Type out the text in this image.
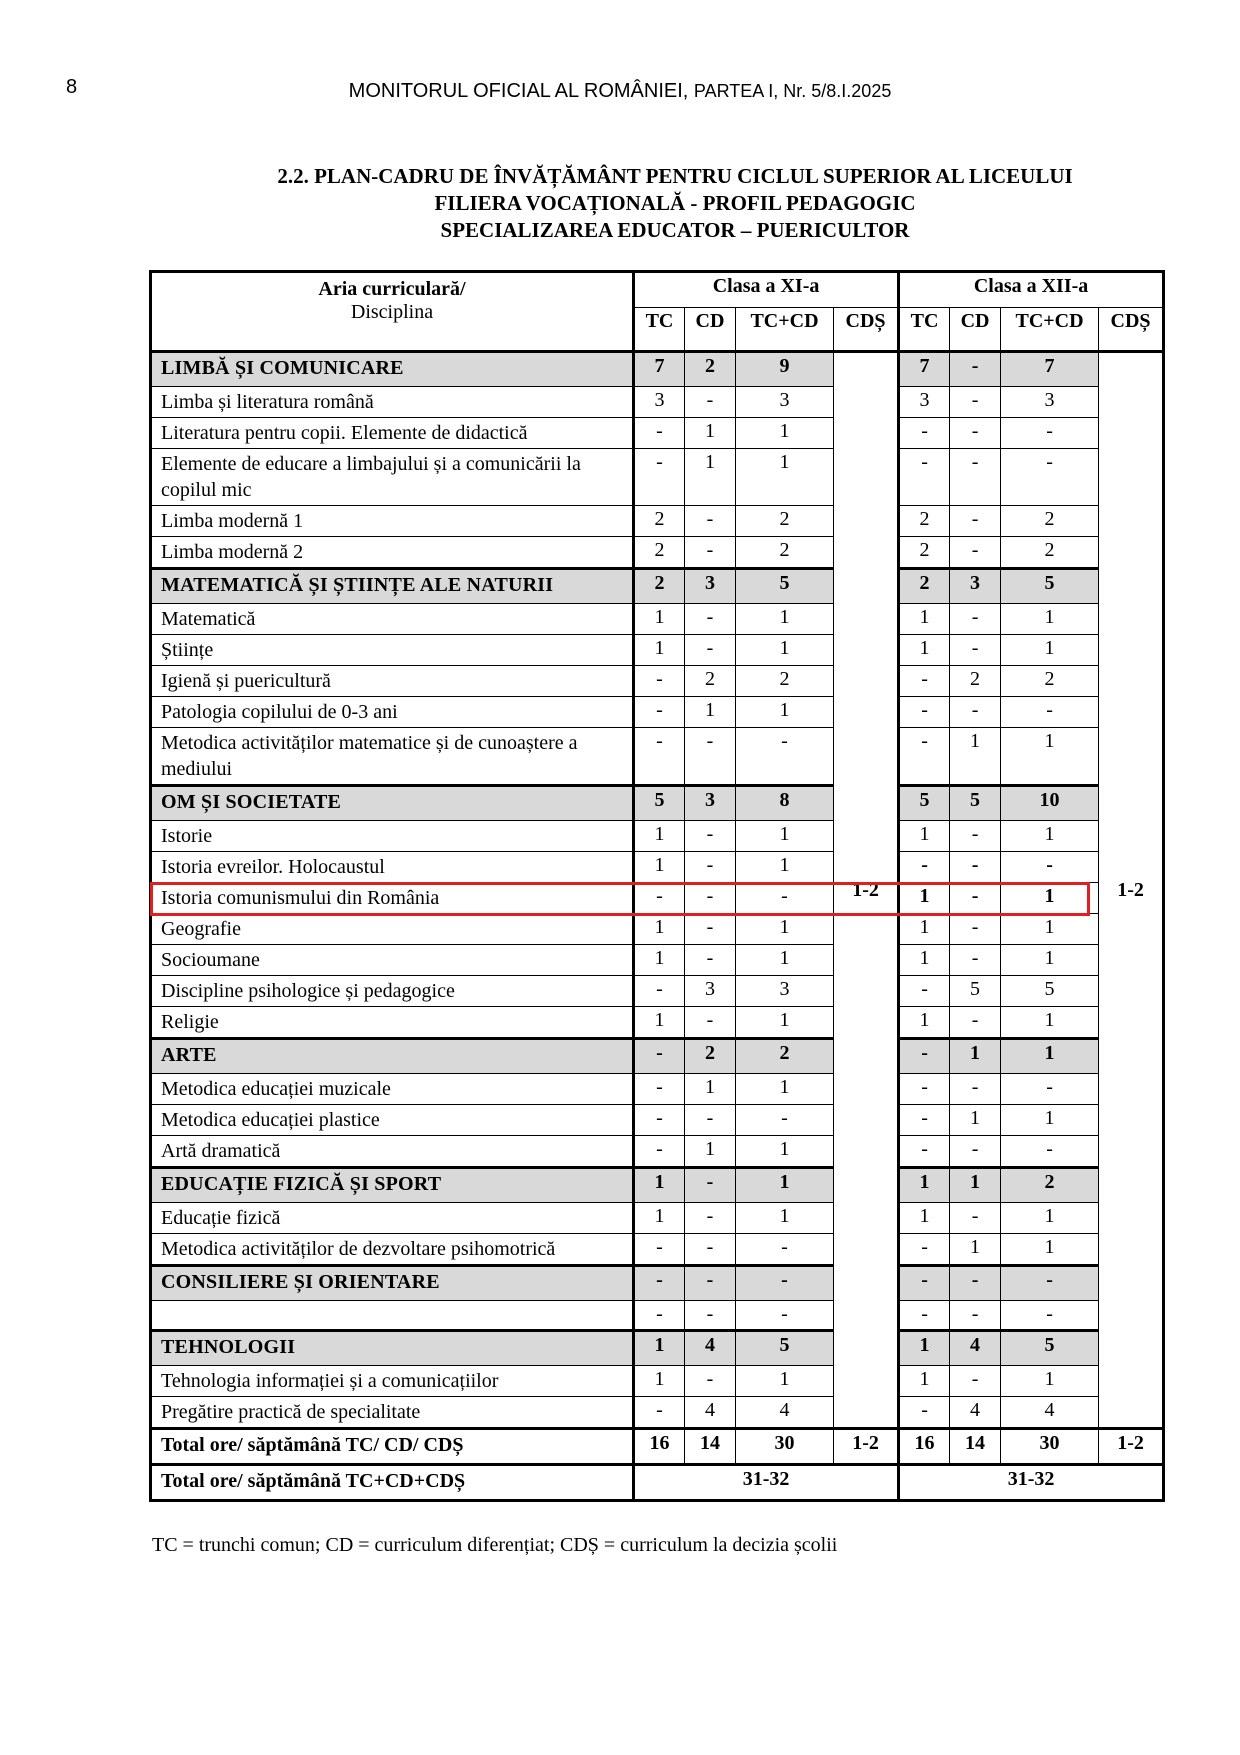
8	MONITORUL OFICIAL AL ROMÂNIEI, PARTEA I, Nr. 5/8.I.2025
2.2. PLAN-CADRU DE ÎNVĂȚĂMÂNT PENTRU CICLUL SUPERIOR AL LICEULUI
FILIERA VOCAȚIONALĂ - PROFIL PEDAGOGIC
SPECIALIZAREA EDUCATOR – PUERICULTOR
Aria curriculară/
Disciplina	Clasa a XI-a				Clasa a XII-a			
	TC	CD	TC+CD	CDȘ	TC	CD	TC+CD	CDȘ
LIMBĂ ȘI COMUNICARE	7	2	9	1-2	7	-	7	1-2
Limba și literatura română	3	-	3		3	-	3	
Literatura pentru copii. Elemente de didactică	-	1	1		-	-	-	
Elemente de educare a limbajului și a comunicării la copilul mic	-	1	1		-	-	-	
Limba modernă 1	2	-	2		2	-	2	
Limba modernă 2	2	-	2		2	-	2	
MATEMATICĂ ȘI ȘTIINȚE ALE NATURII	2	3	5		2	3	5	
Matematică	1	-	1		1	-	1	
Științe	1	-	1		1	-	1	
Igienă și puericultură	-	2	2		-	2	2	
Patologia copilului de 0-3 ani	-	1	1		-	-	-	
Metodica activităților matematice și de cunoaștere a mediului	-	-	-		-	1	1	
OM ȘI SOCIETATE	5	3	8		5	5	10	
Istorie	1	-	1		1	-	1	
Istoria evreilor. Holocaustul	1	-	1		-	-	-	
Istoria comunismului din România	-	-	-		1	-	1	
Geografie	1	-	1		1	-	1	
Socioumane	1	-	1		1	-	1	
Discipline psihologice și pedagogice	-	3	3		-	5	5	
Religie	1	-	1		1	-	1	
ARTE	-	2	2		-	1	1	
Metodica educației muzicale	-	1	1		-	-	-	
Metodica educației plastice	-	-	-		-	1	1	
Artă dramatică	-	1	1		-	-	-	
EDUCAȚIE FIZICĂ ȘI SPORT	1	-	1		1	1	2	
Educație fizică	1	-	1		1	-	1	
Metodica activităților de dezvoltare psihomotrică	-	-	-		-	1	1	
CONSILIERE ȘI ORIENTARE	-	-	-		-	-	-	
	-	-	-		-	-	-	
TEHNOLOGII	1	4	5		1	4	5	
Tehnologia informației și a comunicațiilor	1	-	1		1	-	1	
Pregătire practică de specialitate	-	4	4		-	4	4	
Total ore/ săptămână TC/ CD/ CDȘ	16	14	30	1-2	16	14	30	1-2
Total ore/ săptămână TC+CD+CDȘ	31-32				31-32			
TC = trunchi comun; CD = curriculum diferențiat; CDȘ = curriculum la decizia școlii
